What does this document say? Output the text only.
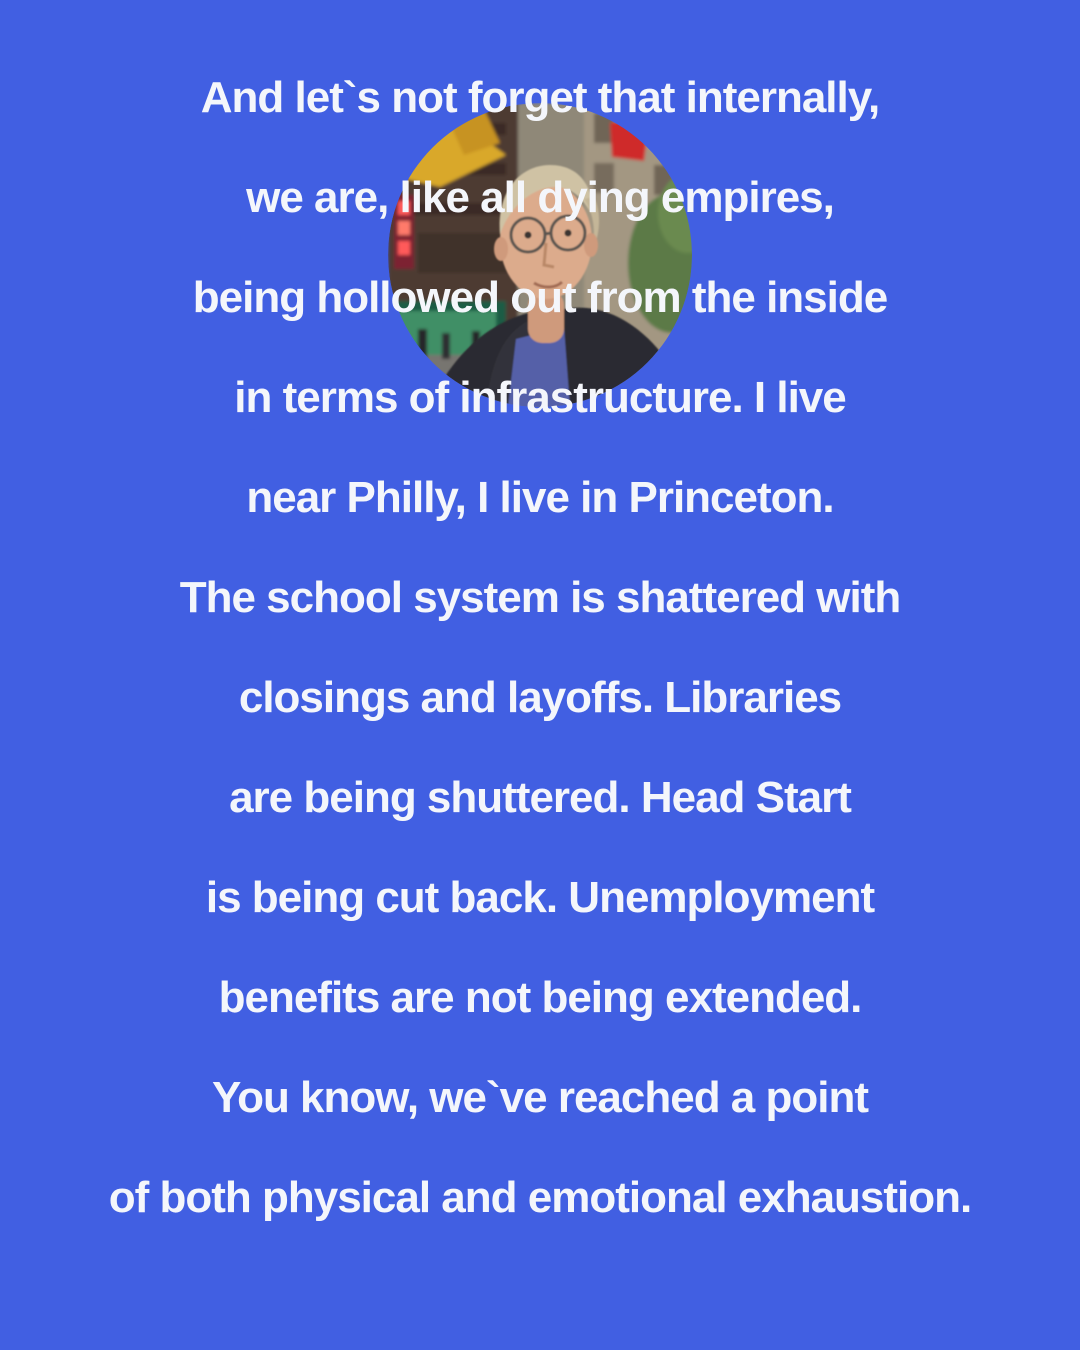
And let`s not forget that internally,
we are, like all dying empires,
being hollowed out from the inside
in terms of infrastructure. I live
near Philly, I live in Princeton.
The school system is shattered with
closings and layoffs. Libraries
are being shuttered. Head Start
is being cut back. Unemployment
benefits are not being extended.
You know, we`ve reached a point
of both physical and emotional exhaustion.
